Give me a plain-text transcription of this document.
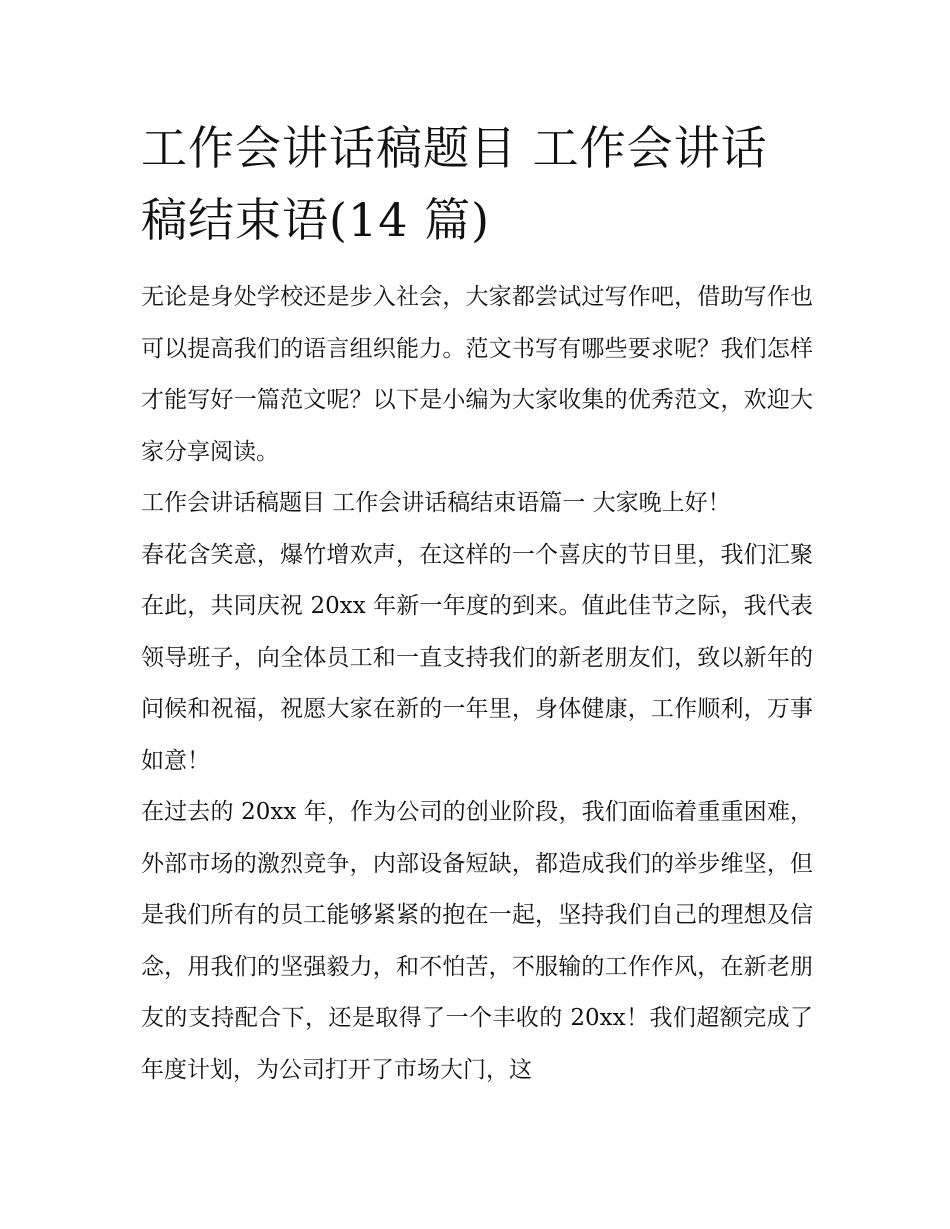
工作会讲话稿题目 工作会讲话稿结束语(14 篇)

无论是身处学校还是步入社会，大家都尝试过写作吧，借助写作也可以提高我们的语言组织能力。范文书写有哪些要求呢？我们怎样才能写好一篇范文呢？以下是小编为大家收集的优秀范文，欢迎大家分享阅读。

工作会讲话稿题目 工作会讲话稿结束语篇一 大家晚上好！

春花含笑意，爆竹增欢声，在这样的一个喜庆的节日里，我们汇聚在此，共同庆祝 20xx 年新一年度的到来。值此佳节之际，我代表领导班子，向全体员工和一直支持我们的新老朋友们，致以新年的问候和祝福，祝愿大家在新的一年里，身体健康，工作顺利，万事如意！

在过去的 20xx 年，作为公司的创业阶段，我们面临着重重困难，外部市场的激烈竞争，内部设备短缺，都造成我们的举步维坚，但是我们所有的员工能够紧紧的抱在一起，坚持我们自己的理想及信念，用我们的坚强毅力，和不怕苦，不服输的工作作风，在新老朋友的支持配合下，还是取得了一个丰收的 20xx！我们超额完成了年度计划，为公司打开了市场大门，这
